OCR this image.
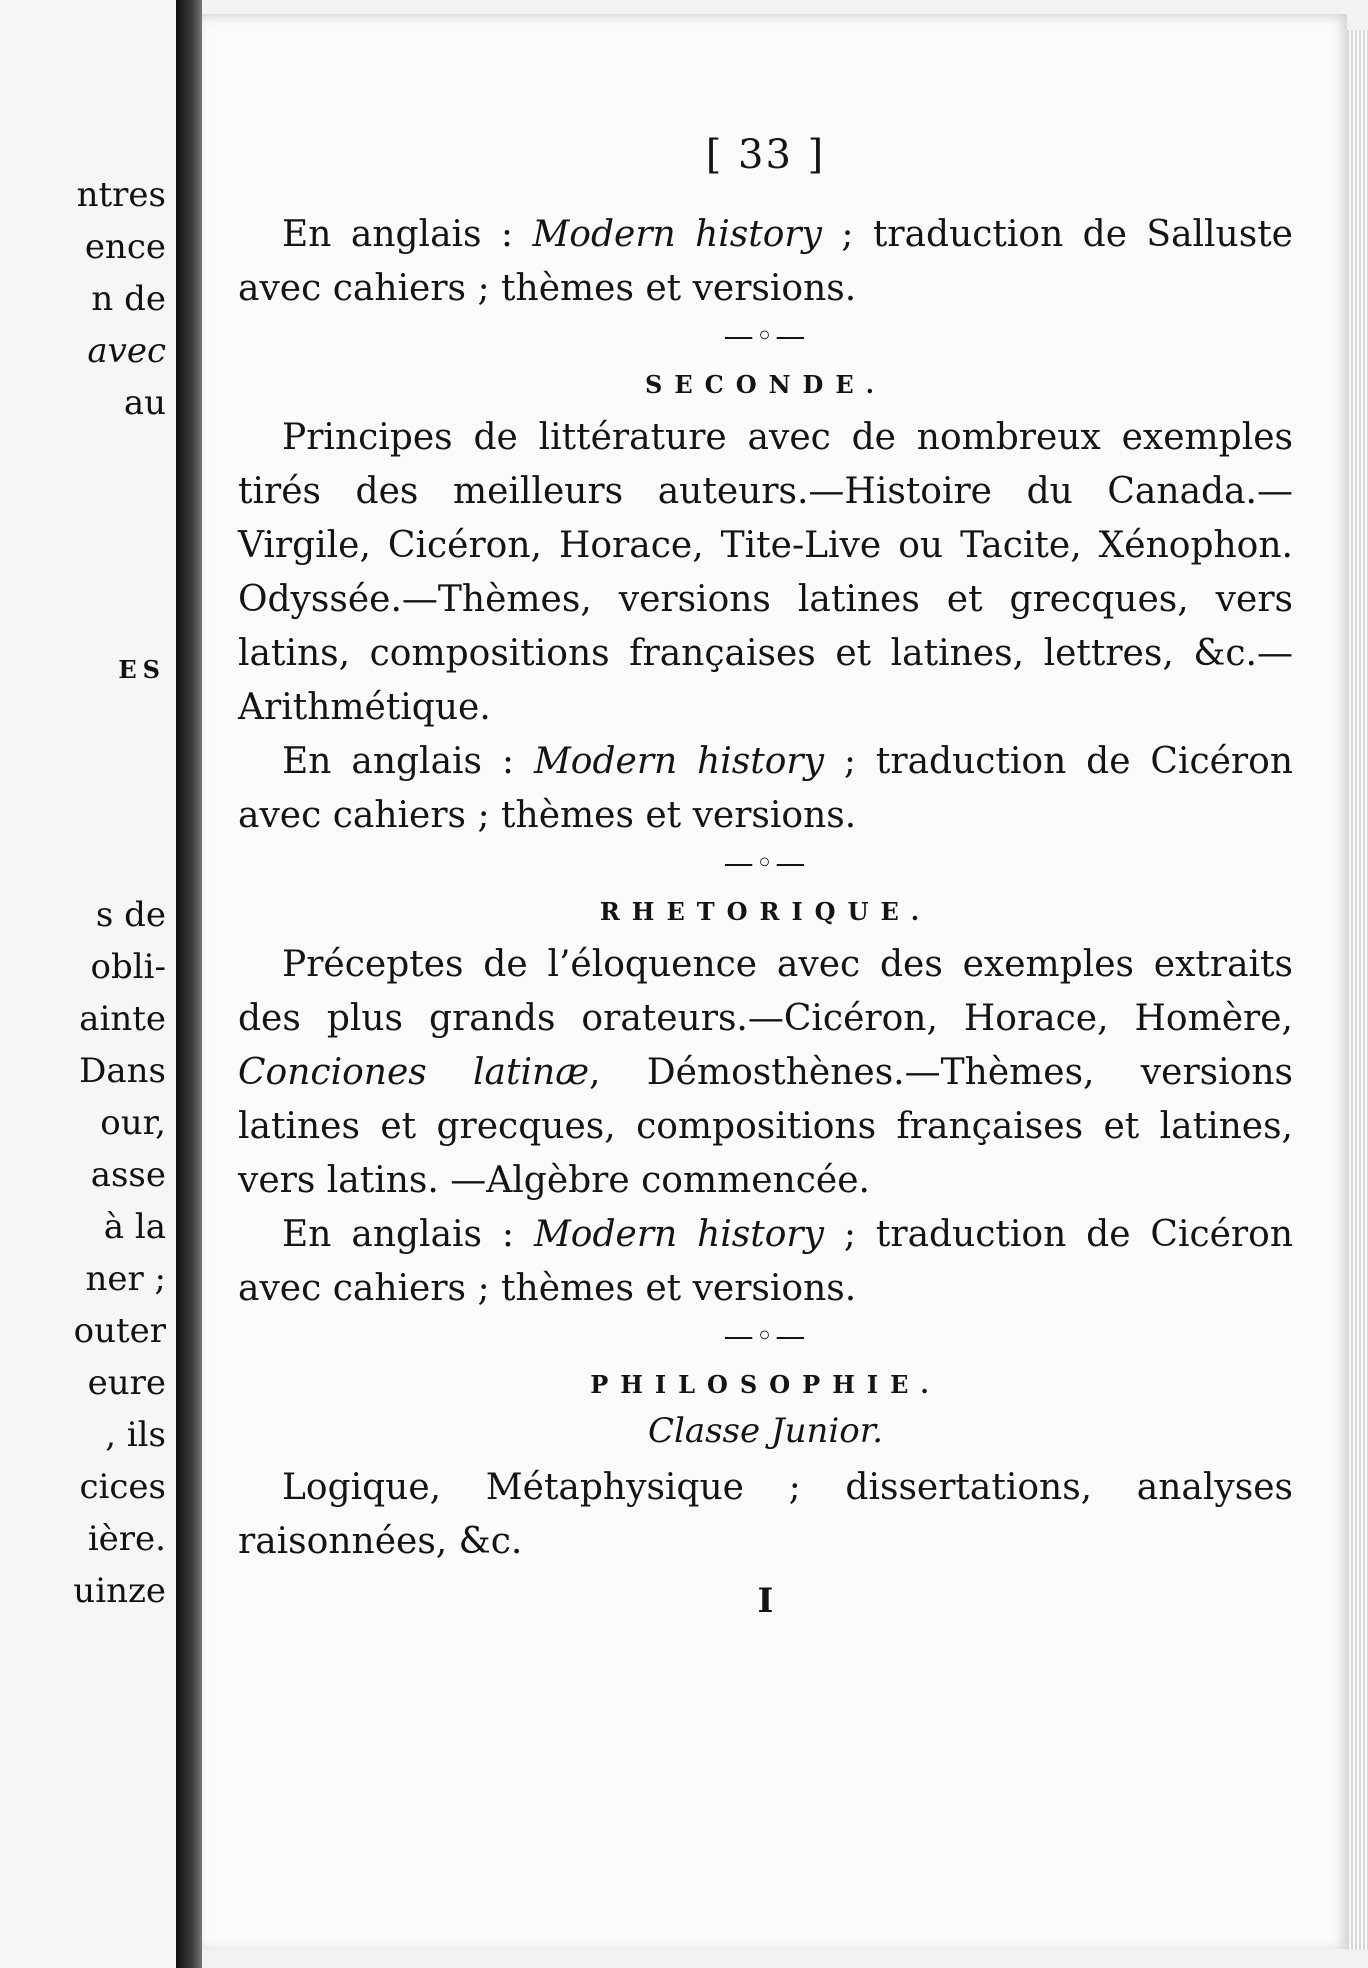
ntres
ence
n de
avec
au
ES
s de
obli-
ainte
Dans
our,
asse
à la
ner ;
outer
eure
, ils
cices
ière.
uinze
[ 33 ]

En anglais : Modern history ; traduction de Salluste avec cahiers ; thèmes et versions.

—◦—
SECONDE.

Principes de littérature avec de nombreux exemples tirés des meilleurs auteurs.—Histoire du Canada.—Virgile, Cicéron, Horace, Tite-Live ou Tacite, Xénophon. Odyssée.—Thèmes, versions latines et grecques, vers latins, compositions françaises et latines, lettres, &c.—Arithmétique.

En anglais : Modern history ; traduction de Cicéron avec cahiers ; thèmes et versions.

—◦—
RHETORIQUE.

Préceptes de l’éloquence avec des exemples extraits des plus grands orateurs.—Cicéron, Horace, Homère, Conciones latinæ, Démosthènes.—Thèmes, versions latines et grecques, compositions françaises et latines, vers latins. —Algèbre commencée.

En anglais : Modern history ; traduction de Cicéron avec cahiers ; thèmes et versions.

—◦—
PHILOSOPHIE.
Classe Junior.

Logique, Métaphysique ; dissertations, analyses raisonnées, &c.

I
